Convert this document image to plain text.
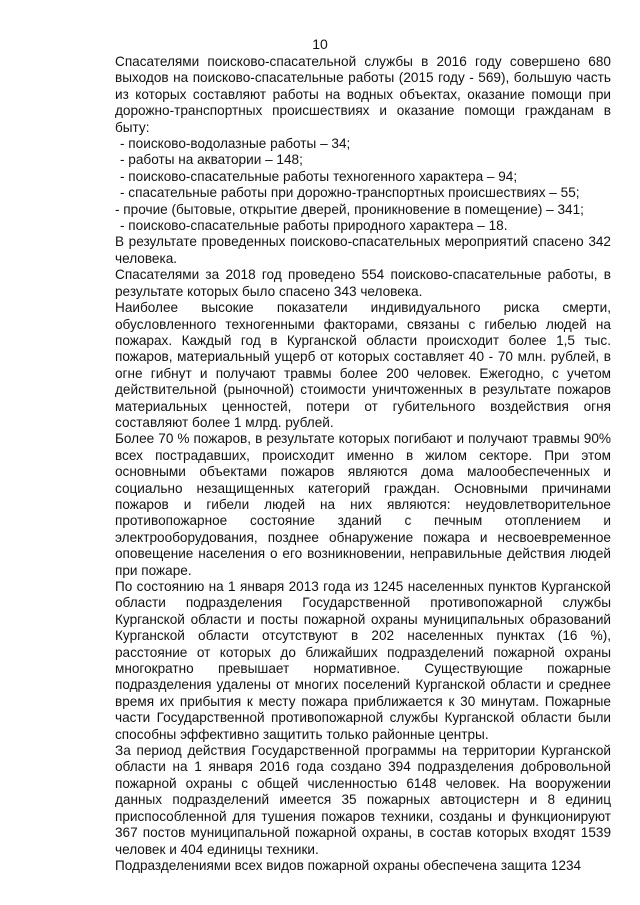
10

Спасателями поисково-спасательной службы в 2016 году совершено 680 выходов на поисково-спасательные работы (2015 году - 569), большую часть из которых составляют работы на водных объектах, оказание помощи при дорожно-транспортных происшествиях и оказание помощи гражданам в быту:

- поисково-водолазные работы – 34;
- работы на акватории – 148;
- поисково-спасательные работы техногенного характера – 94;
- спасательные работы при дорожно-транспортных происшествиях – 55;
- прочие (бытовые, открытие дверей, проникновение в помещение) – 341;
- поисково-спасательные работы природного характера – 18.

В результате проведенных поисково-спасательных мероприятий спасено 342 человека.

Спасателями за 2018 год проведено 554 поисково-спасательные работы, в результате которых было спасено 343 человека.

Наиболее высокие показатели индивидуального риска смерти, обусловленного техногенными факторами, связаны с гибелью людей на пожарах. Каждый год в Курганской области происходит более 1,5 тыс. пожаров, материальный ущерб от которых составляет 40 - 70 млн. рублей, в огне гибнут и получают травмы более 200 человек. Ежегодно, с учетом действительной (рыночной) стоимости уничтоженных в результате пожаров материальных ценностей, потери от губительного воздействия огня составляют более 1 млрд. рублей.

Более 70 % пожаров, в результате которых погибают и получают травмы 90% всех пострадавших, происходит именно в жилом секторе. При этом основными объектами пожаров являются дома малообеспеченных и социально незащищенных категорий граждан. Основными причинами пожаров и гибели людей на них являются: неудовлетворительное противопожарное состояние зданий с печным отоплением и электрооборудования, позднее обнаружение пожара и несвоевременное оповещение населения о его возникновении, неправильные действия людей при пожаре.

По состоянию на 1 января 2013 года из 1245 населенных пунктов Курганской области подразделения Государственной противопожарной службы Курганской области и посты пожарной охраны муниципальных образований Курганской области отсутствуют в 202 населенных пунктах (16 %), расстояние от которых до ближайших подразделений пожарной охраны многократно превышает нормативное. Существующие пожарные подразделения удалены от многих поселений Курганской области и среднее время их прибытия к месту пожара приближается к 30 минутам. Пожарные части Государственной противопожарной службы Курганской области были способны эффективно защитить только районные центры.

За период действия Государственной программы на территории Курганской области на 1 января 2016 года создано 394 подразделения добровольной пожарной охраны с общей численностью 6148 человек. На вооружении данных подразделений имеется 35 пожарных автоцистерн и 8 единиц приспособленной для тушения пожаров техники, созданы и функционируют 367 постов муниципальной пожарной охраны, в состав которых входят 1539 человек и 404 единицы техники.

Подразделениями всех видов пожарной охраны обеспечена защита 1234
